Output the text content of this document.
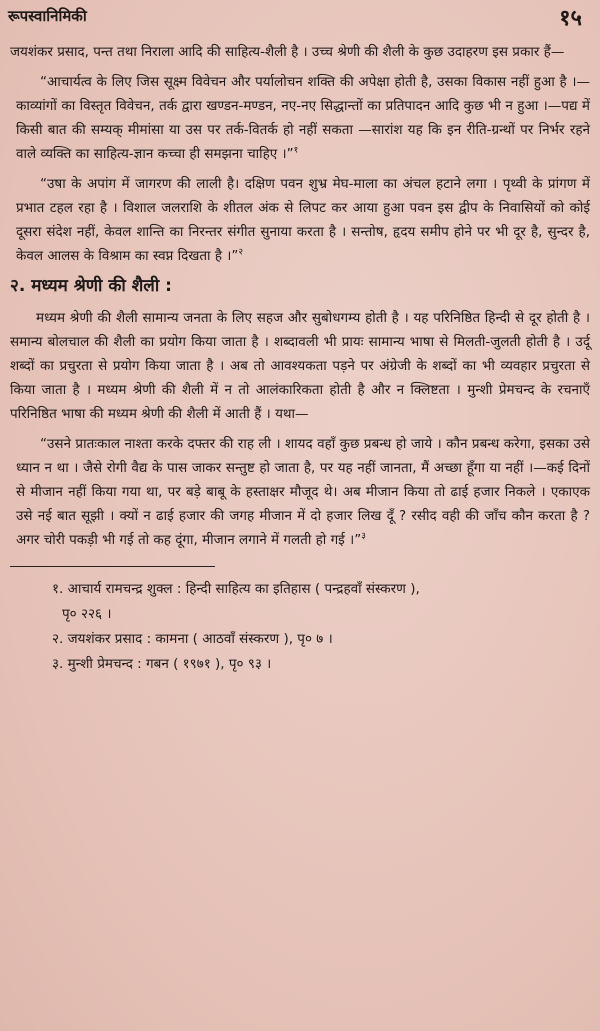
रूपस्वानिमिकी	१५

जयशंकर प्रसाद, पन्त तथा निराला आदि की साहित्य-शैली है । उच्च श्रेणी की शैली के कुछ उदाहरण इस प्रकार हैं—

“आचार्यत्व के लिए जिस सूक्ष्म विवेचन और पर्यालोचन शक्ति की अपेक्षा होती है, उसका विकास नहीं हुआ है ।—काव्यांगों का विस्तृत विवेचन, तर्क द्वारा खण्डन-मण्डन, नए-नए सिद्धान्तों का प्रतिपादन आदि कुछ भी न हुआ ।—पद्य में किसी बात की सम्यक् मीमांसा या उस पर तर्क-वितर्क हो नहीं सकता —सारांश यह कि इन रीति-ग्रन्थों पर निर्भर रहने वाले व्यक्ति का साहित्य-ज्ञान कच्चा ही समझना चाहिए ।”$^१$

“उषा के अपांग में जागरण की लाली है। दक्षिण पवन शुभ्र मेघ-माला का अंचल हटाने लगा । पृथ्वी के प्रांगण में प्रभात टहल रहा है । विशाल जलराशि के शीतल अंक से लिपट कर आया हुआ पवन इस द्वीप के निवासियों को कोई दूसरा संदेश नहीं, केवल शान्ति का निरन्तर संगीत सुनाया करता है । सन्तोष, हृदय समीप होने पर भी दूर है, सुन्दर है, केवल आलस के विश्राम का स्वप्न दिखता है ।”$^२$

२. मध्यम श्रेणी की शैली :

मध्यम श्रेणी की शैली सामान्य जनता के लिए सहज और सुबोधगम्य होती है । यह परिनिष्ठित हिन्दी से दूर होती है । समान्य बोलचाल की शैली का प्रयोग किया जाता है । शब्दावली भी प्रायः सामान्य भाषा से मिलती-जुलती होती है । उर्दू शब्दों का प्रचुरता से प्रयोग किया जाता है । अब तो आवश्यकता पड़ने पर अंग्रेजी के शब्दों का भी व्यवहार प्रचुरता से किया जाता है । मध्यम श्रेणी की शैली में न तो आलंकारिकता होती है और न क्लिष्टता । मुन्शी प्रेमचन्द के रचनाएँ परिनिष्ठित भाषा की मध्यम श्रेणी की शैली में आती हैं । यथा—

“उसने प्रातःकाल नाश्ता करके दफ्तर की राह ली । शायद वहाँ कुछ प्रबन्ध हो जाये । कौन प्रबन्ध करेगा, इसका उसे ध्यान न था । जैसे रोगी वैद्य के पास जाकर सन्तुष्ट हो जाता है, पर यह नहीं जानता, मैं अच्छा हूँगा या नहीं ।—कई दिनों से मीजान नहीं किया गया था, पर बड़े बाबू के हस्ताक्षर मौजूद थे। अब मीजान किया तो ढाई हजार निकले । एकाएक उसे नई बात सूझी । क्यों न ढाई हजार की जगह मीजान में दो हजार लिख दूँ ? रसीद वही की जाँच कौन करता है ? अगर चोरी पकड़ी भी गई तो कह दूंगा, मीजान लगाने में गलती हो गई ।”$^३$

१. आचार्य रामचन्द्र शुक्ल : हिन्दी साहित्य का इतिहास ( पन्द्रहवाँ संस्करण ),

पृ० २२६ ।

२. जयशंकर प्रसाद : कामना ( आठवाँ संस्करण ), पृ० ७ ।

३. मुन्शी प्रेमचन्द : गबन ( १९७१ ), पृ० ९३ ।
